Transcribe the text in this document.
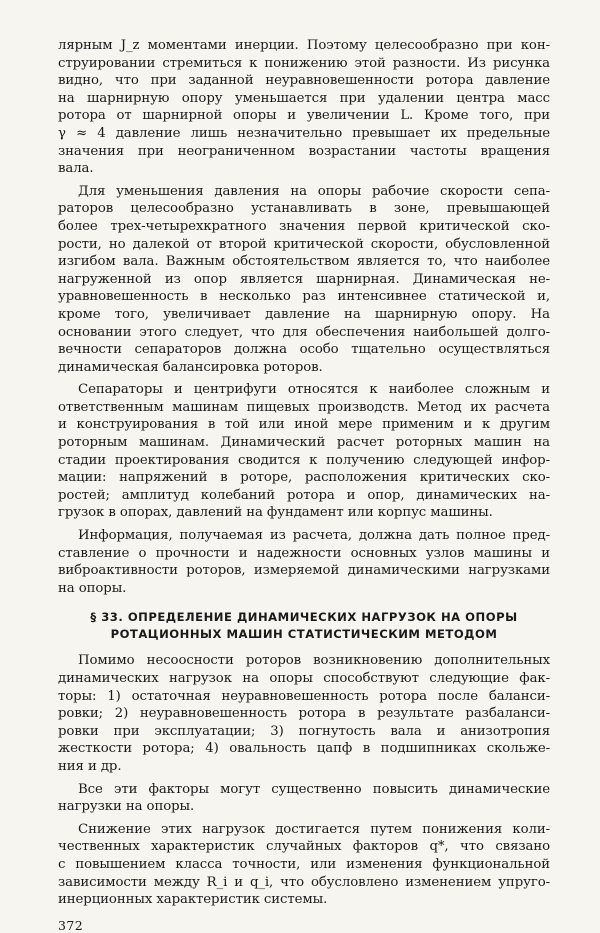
лярным J_z моментами инерции. Поэтому целесообразно при кон-
струировании стремиться к понижению этой разности. Из рисунка
видно, что при заданной неуравновешенности ротора давление
на шарнирную опору уменьшается при удалении центра масс
ротора от шарнирной опоры и увеличении L. Кроме того, при
γ ≈ 4 давление лишь незначительно превышает их предельные
значения при неограниченном возрастании частоты вращения
вала.
Для уменьшения давления на опоры рабочие скорости сепа-
раторов целесообразно устанавливать в зоне, превышающей
более трех-четырехкратного значения первой критической ско-
рости, но далекой от второй критической скорости, обусловленной
изгибом вала. Важным обстоятельством является то, что наиболее
нагруженной из опор является шарнирная. Динамическая не-
уравновешенность в несколько раз интенсивнее статической и,
кроме того, увеличивает давление на шарнирную опору. На
основании этого следует, что для обеспечения наибольшей долго-
вечности сепараторов должна особо тщательно осуществляться
динамическая балансировка роторов.
Сепараторы и центрифуги относятся к наиболее сложным и
ответственным машинам пищевых производств. Метод их расчета
и конструирования в той или иной мере применим и к другим
роторным машинам. Динамический расчет роторных машин на
стадии проектирования сводится к получению следующей инфор-
мации: напряжений в роторе, расположения критических ско-
ростей; амплитуд колебаний ротора и опор, динамических на-
грузок в опорах, давлений на фундамент или корпус машины.
Информация, получаемая из расчета, должна дать полное пред-
ставление о прочности и надежности основных узлов машины и
виброактивности роторов, измеряемой динамическими нагрузками
на опоры.
§ 33. ОПРЕДЕЛЕНИЕ ДИНАМИЧЕСКИХ НАГРУЗОК НА ОПОРЫ
РОТАЦИОННЫХ МАШИН СТАТИСТИЧЕСКИМ МЕТОДОМ
Помимо несоосности роторов возникновению дополнительных
динамических нагрузок на опоры способствуют следующие фак-
торы: 1) остаточная неуравновешенность ротора после баланси-
ровки; 2) неуравновешенность ротора в результате разбаланси-
ровки при эксплуатации; 3) погнутость вала и анизотропия
жесткости ротора; 4) овальность цапф в подшипниках скольже-
ния и др.
Все эти факторы могут существенно повысить динамические
нагрузки на опоры.
Снижение этих нагрузок достигается путем понижения коли-
чественных характеристик случайных факторов q*, что связано
с повышением класса точности, или изменения функциональной
зависимости между R_i и q_i, что обусловлено изменением упруго-
инерционных характеристик системы.
372
